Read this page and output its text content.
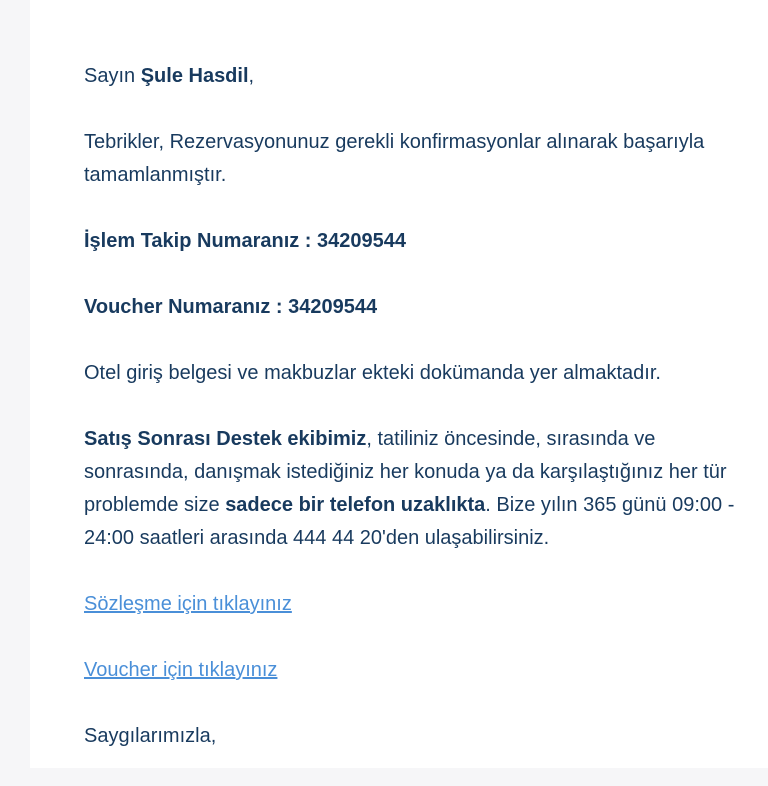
Sayın Şule Hasdil,

Tebrikler, Rezervasyonunuz gerekli konfirmasyonlar alınarak başarıyla tamamlanmıştır.

İşlem Takip Numaranız : 34209544

Voucher Numaranız : 34209544

Otel giriş belgesi ve makbuzlar ekteki dokümanda yer almaktadır.

Satış Sonrası Destek ekibimiz, tatiliniz öncesinde, sırasında ve sonrasında, danışmak istediğiniz her konuda ya da karşılaştığınız her tür problemde size sadece bir telefon uzaklıkta. Bize yılın 365 günü 09:00 - 24:00 saatleri arasında 444 44 20'den ulaşabilirsiniz.

Sözleşme için tıklayınız

Voucher için tıklayınız

Saygılarımızla,
